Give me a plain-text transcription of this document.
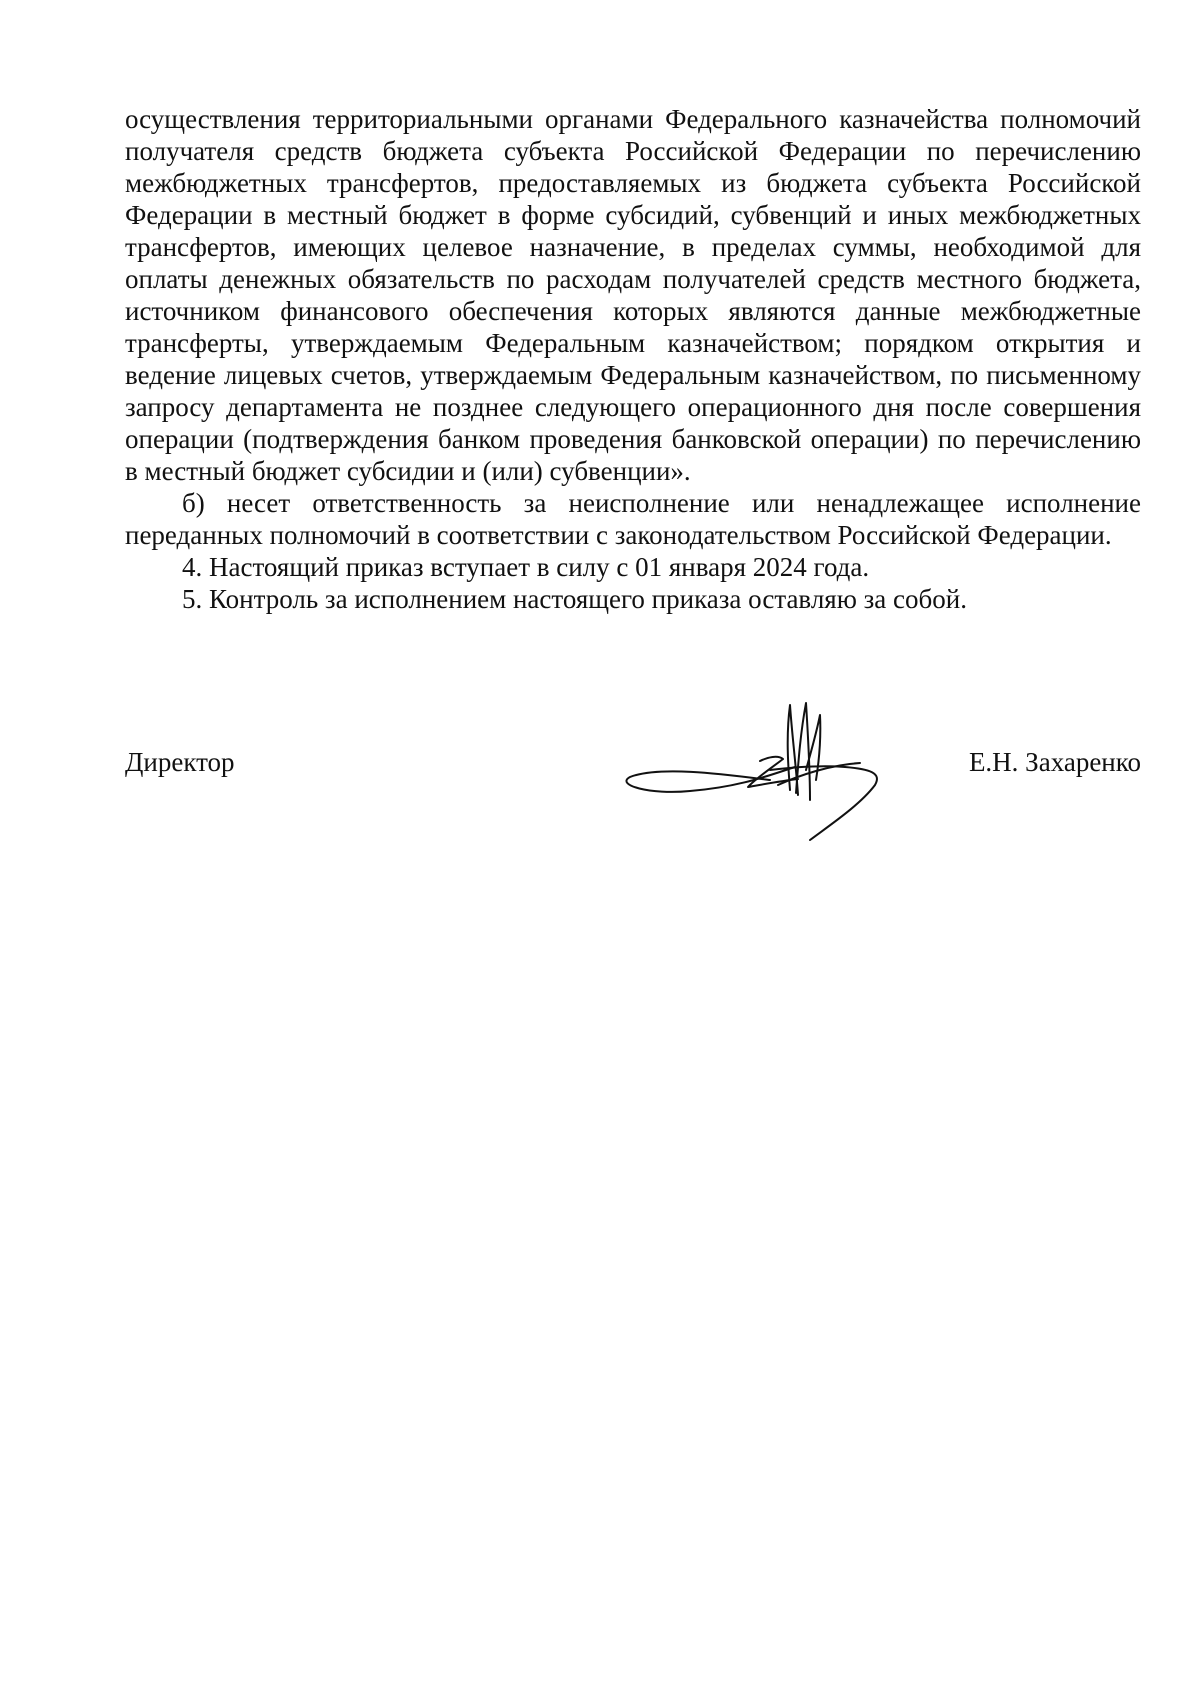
осуществления территориальными органами Федерального казначейства полномочий получателя средств бюджета субъекта Российской Федерации по перечислению межбюджетных трансфертов, предоставляемых из бюджета субъекта Российской Федерации в местный бюджет в форме субсидий, субвенций и иных межбюджетных трансфертов, имеющих целевое назначение, в пределах суммы, необходимой для оплаты денежных обязательств по расходам получателей средств местного бюджета, источником финансового обеспечения которых являются данные межбюджетные трансферты, утверждаемым Федеральным казначейством; порядком открытия и ведение лицевых счетов, утверждаемым Федеральным казначейством, по письменному запросу департамента не позднее следующего операционного дня после совершения операции (подтверждения банком проведения банковской операции) по перечислению в местный бюджет субсидии и (или) субвенции».

б) несет ответственность за неисполнение или ненадлежащее исполнение переданных полномочий в соответствии с законодательством Российской Федерации.

4. Настоящий приказ вступает в силу с 01 января 2024 года.

5. Контроль за исполнением настоящего приказа оставляю за собой.

Директор	Е.Н. Захаренко
